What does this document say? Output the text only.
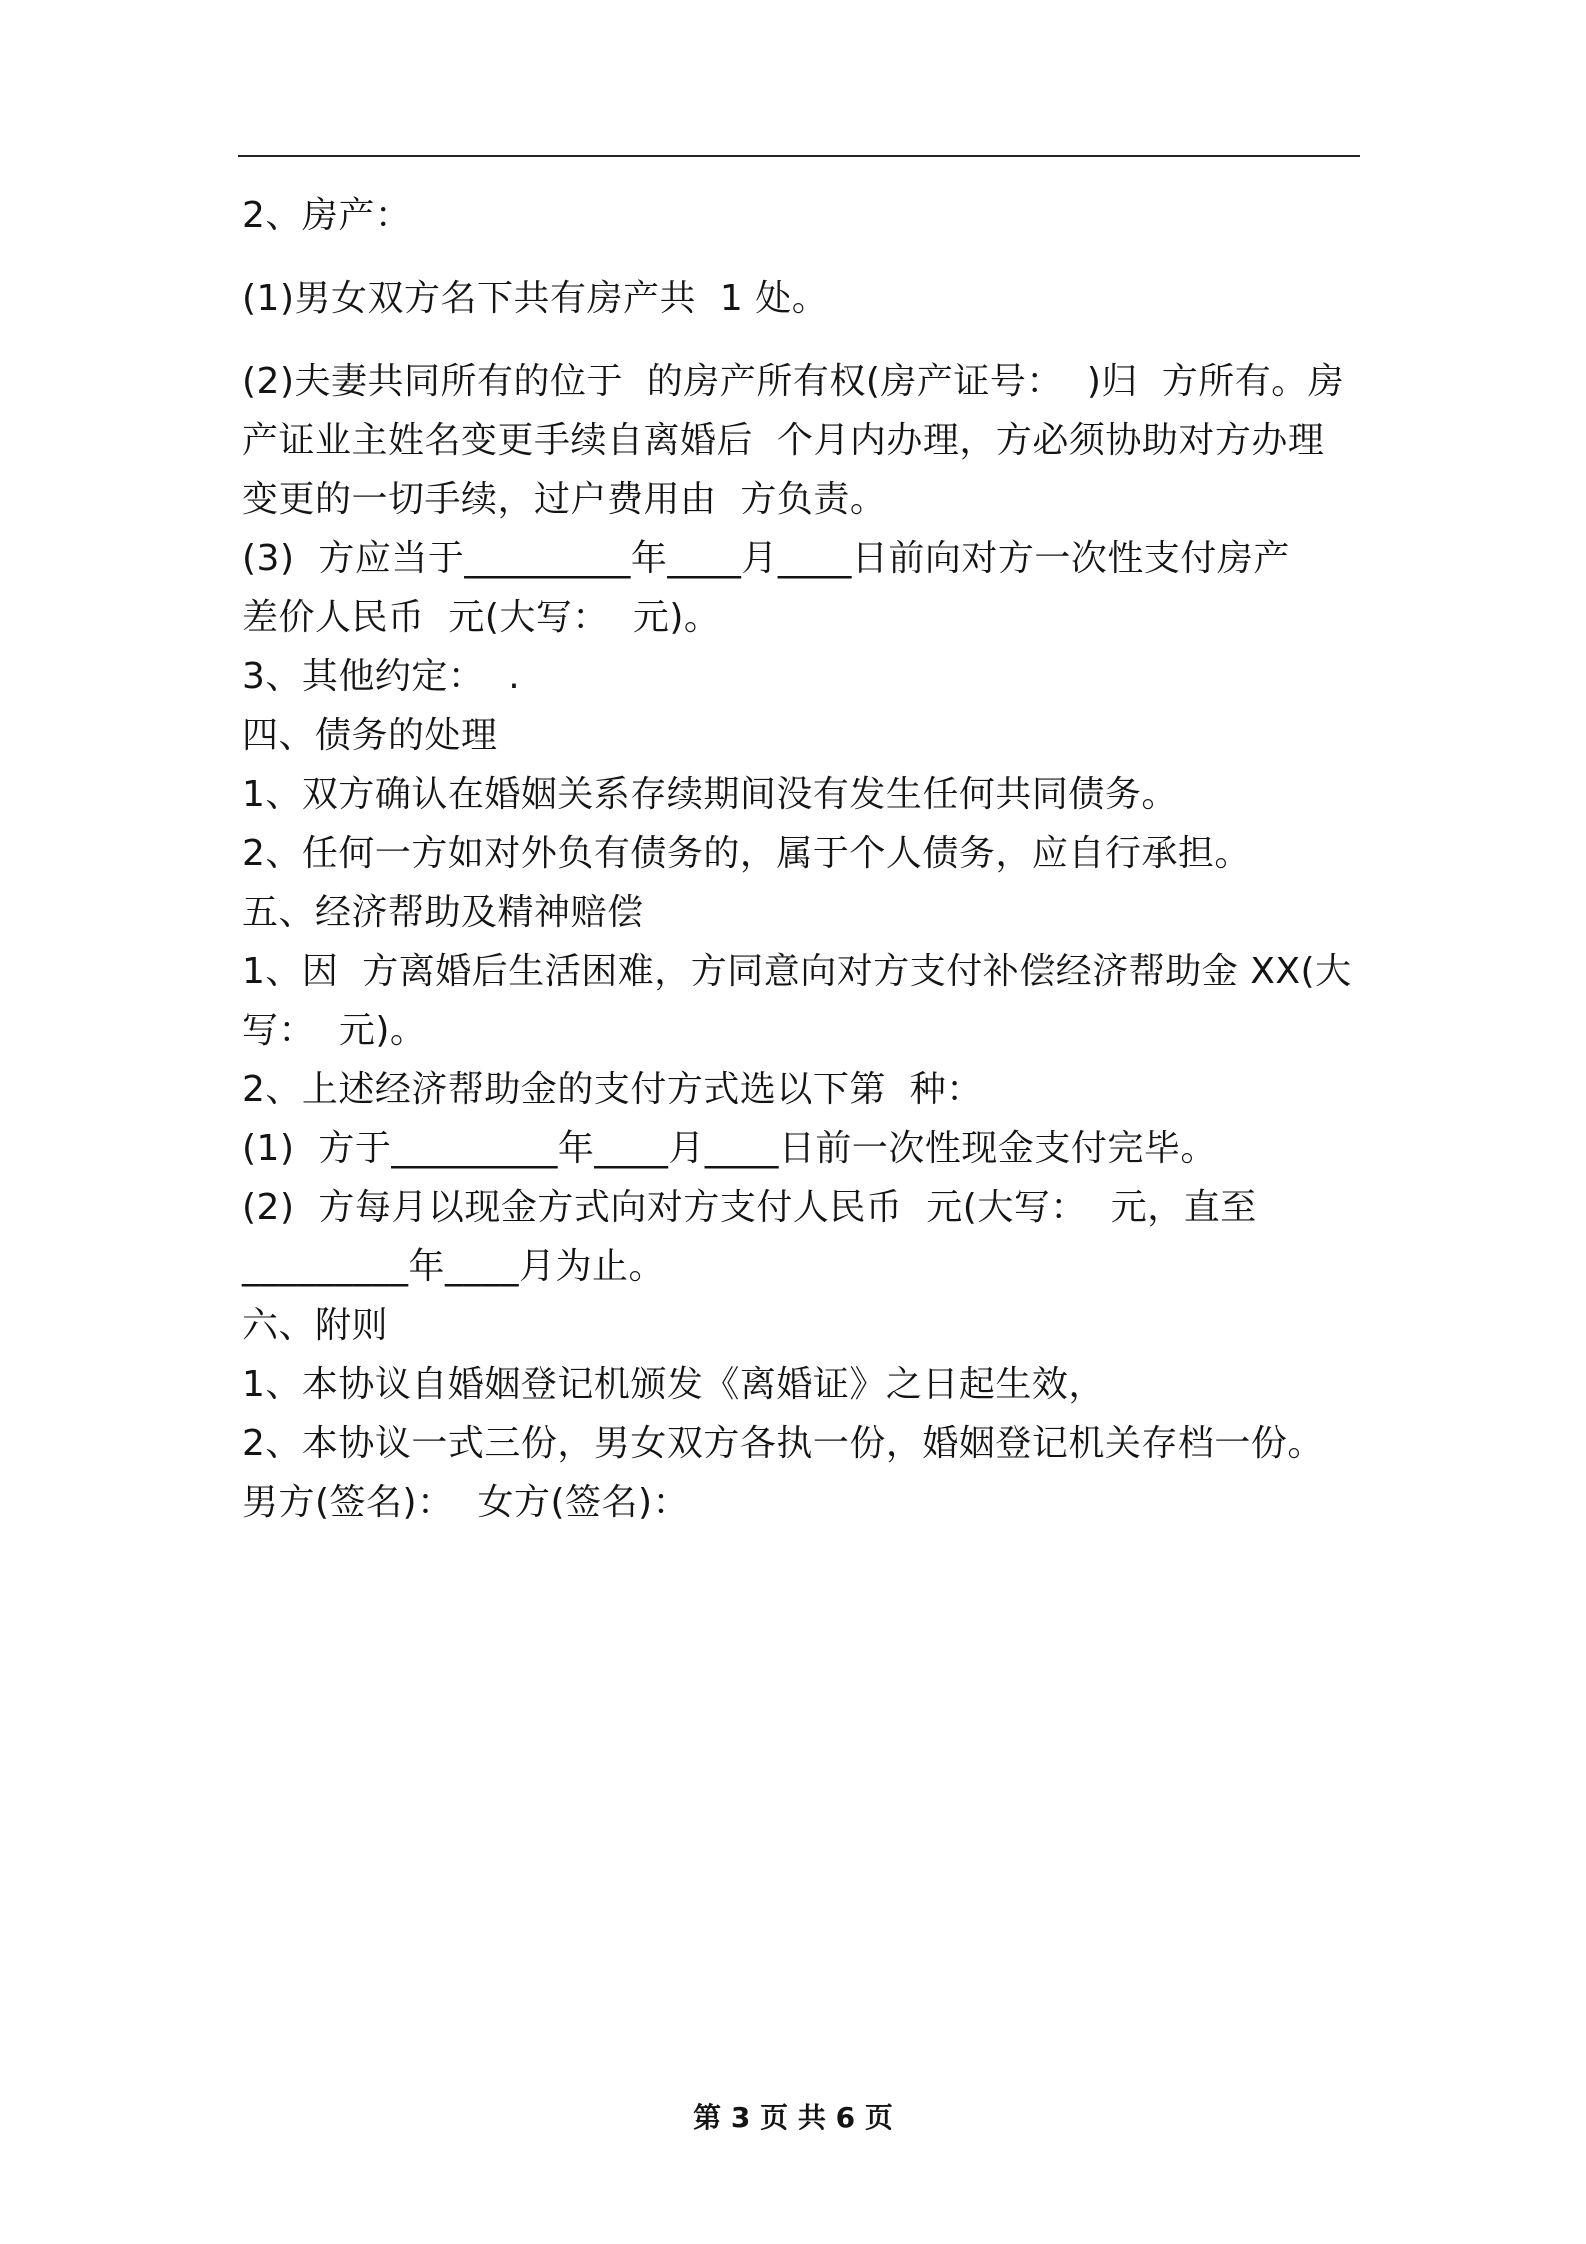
2、房产：

(1)男女双方名下共有房产共  1 处。

(2)夫妻共同所有的位于  的房产所有权(房产证号：  )归  方所有。房

产证业主姓名变更手续自离婚后  个月内办理，方必须协助对方办理

变更的一切手续，过户费用由  方负责。

(3)  方应当于_________年____月____日前向对方一次性支付房产

差价人民币  元(大写：  元)。

3、其他约定：  .

四、债务的处理

1、双方确认在婚姻关系存续期间没有发生任何共同债务。

2、任何一方如对外负有债务的，属于个人债务，应自行承担。

五、经济帮助及精神赔偿

1、因  方离婚后生活困难，方同意向对方支付补偿经济帮助金 XX(大

写：  元)。

2、上述经济帮助金的支付方式选以下第  种：

(1)  方于_________年____月____日前一次性现金支付完毕。

(2)  方每月以现金方式向对方支付人民币  元(大写：  元，直至

_________年____月为止。

六、附则

1、本协议自婚姻登记机颁发《离婚证》之日起生效，

2、本协议一式三份，男女双方各执一份，婚姻登记机关存档一份。

男方(签名)：  女方(签名)：

第 3 页 共 6 页
